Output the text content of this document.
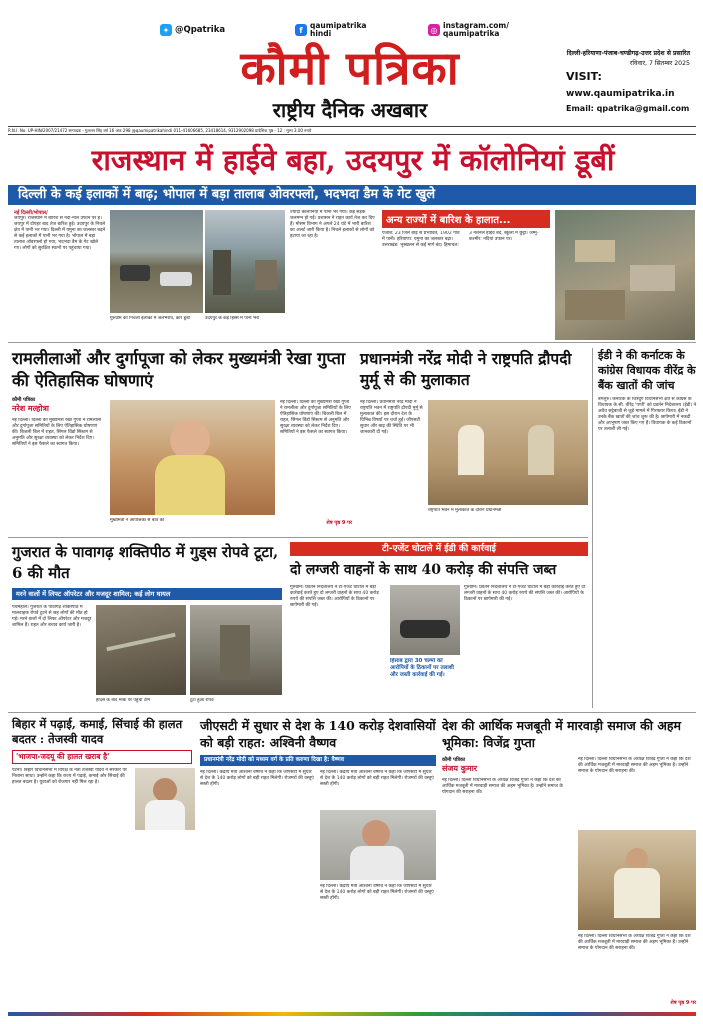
✦ @Qpatrika	f qaumipatrika
hindi	◎ instagram.com/
qaumipatrika
दिल्ली-हरियाणा-पंजाब-चण्डीगढ़-उत्तर प्रदेश से प्रसारित
रविवार, 7 सितम्बर 2025
कौमी पत्रिका
राष्ट्रीय दैनिक अखबार
VISIT:
www.qaumipatrika.in
Email: qpatrika@gmail.com
R.N.I. No. UP-HIN/2007/21472 सम्पादक - गुलशन सिंह वर्ष 16 अंक 298 @qaumipatrikahindi 011-41606685, 23418614, 9312902098 प्रादेशिक पृष्ठ - 12 : मूल्य 3.00 रुपये
राजस्थान में हाईवे बहा, उदयपुर में कॉलोनियां डूबीं
दिल्ली के कई इलाकों में बाढ़; भोपाल में बड़ा तालाब ओवरफ्लो, भदभदा डैम के गेट खुले
नई दिल्ली/भोपाल/
जयपुर। राजस्थान में बारिश से नदी-नाले उफान पर हैं। जयपुर में दोपहर बाद तेज बारिश हुई। उदयपुर के निचले क्षेत्र में पानी भर गया। दिल्ली में यमुना का जलस्तर बढ़ने से कई इलाकों में पानी भर गया है। भोपाल में बड़ा तालाब ओवरफ्लो हो गया, भदभदा डैम के गेट खोले गए। लोगों को सुरक्षित स्थानों पर पहुंचाया गया।
गुरुग्राम की निचली इलाका में जलभराव, कारें डूबी	उदयपुर के कई हिस्से में पानी भरा
ज्यादा कॉलोनियों में पानी भर गया। कई सड़कें जलमग्न हो गईं। प्रशासन ने राहत कार्य तेज कर दिए हैं। मौसम विभाग ने अगले 24 घंटे में भारी बारिश का अलर्ट जारी किया है। निचले इलाकों से लोगों को हटाया जा रहा है।
अन्य राज्यों में बारिश के हालात...
पंजाब: 23 जिले बाढ़ से प्रभावित, 1902 गांव में पानी। हरियाणा: यमुना का जलस्तर बढ़ा। उत्तराखंड: भूस्खलन से कई मार्ग बंद। हिमाचल: 3 नेशनल हाईवे बंद, स्कूलों में छुट्टी। जम्मू-कश्मीर: नदियां उफान पर।
रामलीलाओं और दुर्गापूजा को लेकर मुख्यमंत्री रेखा गुप्ता की ऐतिहासिक घोषणाएं
कौमी पत्रिका
नरेश मल्होत्रा
नई दिल्ली। दिल्ली की मुख्यमंत्री रेखा गुप्ता ने रामलीला और दुर्गापूजा समितियों के लिए ऐतिहासिक घोषणाएं कीं। बिजली बिल में राहत, सिंगल विंडो सिस्टम से अनुमति और सुरक्षा व्यवस्था को लेकर निर्देश दिए। समितियों ने इस फैसले का स्वागत किया।
मुख्यमंत्री ने आयोजकों से बात की
नई दिल्ली। दिल्ली की मुख्यमंत्री रेखा गुप्ता ने रामलीला और दुर्गापूजा समितियों के लिए ऐतिहासिक घोषणाएं कीं। बिजली बिल में राहत, सिंगल विंडो सिस्टम से अनुमति और सुरक्षा व्यवस्था को लेकर निर्देश दिए। समितियों ने इस फैसले का स्वागत किया।
शेष पृष्ठ 9 पर
प्रधानमंत्री नरेंद्र मोदी ने राष्ट्रपति द्रौपदी मुर्मू से की मुलाकात
नई दिल्ली। प्रधानमंत्री नरेंद्र मोदी ने राष्ट्रपति भवन में राष्ट्रपति द्रौपदी मुर्मू से मुलाकात की। इस दौरान देश के विभिन्न विषयों पर चर्चा हुई। जीएसटी सुधार और बाढ़ की स्थिति पर भी जानकारी दी गई।
राष्ट्रपति भवन में मुलाकात के दौरान प्रधानमंत्री
ईडी ने की कर्नाटक के कांग्रेस विधायक वीरेंद्र के बैंक खातों की जांच
बेंगलुरु। कर्नाटक के चित्रदुर्ग विधानसभा क्षेत्र से कांग्रेस के विधायक के.सी. वीरेंद्र 'पप्पी' को प्रवर्तन निदेशालय (ईडी) ने अवैध सट्टेबाजी से जुड़े मामले में गिरफ्तार किया। ईडी ने उनके बैंक खातों की जांच शुरू की है। छापेमारी में नकदी और आभूषण जब्त किए गए हैं। विधायक के कई ठिकानों पर तलाशी ली गई।
गुजरात के पावागढ़ शक्तिपीठ में गुड्स रोपवे टूटा, 6 की मौत
मरने वालों में लिफ्ट ऑपरेटर और मजदूर शामिल; कई लोग घायल
पंचमहाल। गुजरात के पावागढ़ शक्तिपीठ में मालवाहक रोपवे टूटने से छह लोगों की मौत हो गई। मरने वालों में दो लिफ्ट ऑपरेटर और मजदूर शामिल हैं। राहत और बचाव कार्य जारी है।
हादसे के बाद मौके पर पहुंची टीम	टूटा हुआ रोपवे
टी-एजेंट घोटाले में ईडी की कार्रवाई
दो लग्जरी वाहनों के साथ 40 करोड़ की संपत्ति जब्त
गुरुग्राम। प्रवर्तन निदेशालय ने टी-एजेंट घोटाले में बड़ी कार्रवाई करते हुए दो लग्जरी वाहनों के साथ 40 करोड़ रुपये की संपत्ति जब्त की। आरोपियों के ठिकानों पर छापेमारी की गई।
हिसाब द्वारा 30 चल्मों को आरोपियों के ठिकानों पर तलाशी और जब्ती कार्रवाई की गई।
गुरुग्राम। प्रवर्तन निदेशालय ने टी-एजेंट घोटाले में बड़ी कार्रवाई करते हुए दो लग्जरी वाहनों के साथ 40 करोड़ रुपये की संपत्ति जब्त की। आरोपियों के ठिकानों पर छापेमारी की गई।
बिहार में पढ़ाई, कमाई, सिंचाई की हालत बदतर : तेजस्वी यादव
'भाजपा-जदयू की हालत खराब है'
पटना। बिहार विधानसभा में विपक्ष के नेता तेजस्वी यादव ने सरकार पर निशाना साधा। उन्होंने कहा कि राज्य में पढ़ाई, कमाई और सिंचाई की हालत बदतर है। युवाओं को रोजगार नहीं मिल रहा है।
जीएसटी में सुधार से देश के 140 करोड़ देशवासियों को बड़ी राहत: अश्विनी वैष्णव
प्रधानमंत्री नरेंद्र मोदी को मध्यम वर्ग के प्रति करुणा दिखा है: वैष्णव
नई दिल्ली। केंद्रीय मंत्री अश्विनी वैष्णव ने कहा कि जीएसटी में सुधार से देश के 140 करोड़ लोगों को बड़ी राहत मिलेगी। रोजमर्रा की वस्तुएं सस्ती होंगी।
नई दिल्ली। केंद्रीय मंत्री अश्विनी वैष्णव ने कहा कि जीएसटी में सुधार से देश के 140 करोड़ लोगों को बड़ी राहत मिलेगी। रोजमर्रा की वस्तुएं सस्ती होंगी।
नई दिल्ली। केंद्रीय मंत्री अश्विनी वैष्णव ने कहा कि जीएसटी में सुधार से देश के 140 करोड़ लोगों को बड़ी राहत मिलेगी। रोजमर्रा की वस्तुएं सस्ती होंगी।
देश की आर्थिक मजबूती में मारवाड़ी समाज की अहम भूमिका: विजेंद्र गुप्ता
कौमी पत्रिका
संजय कुमार
नई दिल्ली। दिल्ली विधानसभा के अध्यक्ष विजेंद्र गुप्ता ने कहा कि देश की आर्थिक मजबूती में मारवाड़ी समाज की अहम भूमिका है। उन्होंने समाज के योगदान की सराहना की।
नई दिल्ली। दिल्ली विधानसभा के अध्यक्ष विजेंद्र गुप्ता ने कहा कि देश की आर्थिक मजबूती में मारवाड़ी समाज की अहम भूमिका है। उन्होंने समाज के योगदान की सराहना की।
नई दिल्ली। दिल्ली विधानसभा के अध्यक्ष विजेंद्र गुप्ता ने कहा कि देश की आर्थिक मजबूती में मारवाड़ी समाज की अहम भूमिका है। उन्होंने समाज के योगदान की सराहना की।
शेष पृष्ठ 9 पर
